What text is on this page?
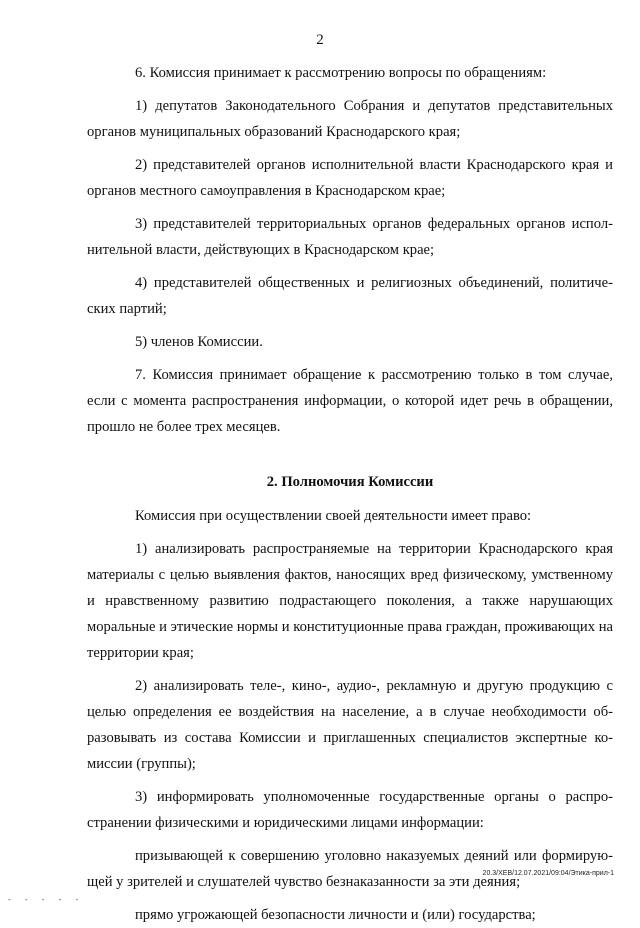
2

6. Комиссия принимает к рассмотрению вопросы по обращениям:

1) депутатов Законодательного Собрания и депутатов представительных органов муниципальных образований Краснодарского края;

2) представителей органов исполнительной власти Краснодарского края и органов местного самоуправления в Краснодарском крае;

3) представителей территориальных органов федеральных органов исполнительной власти, действующих в Краснодарском крае;

4) представителей общественных и религиозных объединений, политических партий;

5) членов Комиссии.

7. Комиссия принимает обращение к рассмотрению только в том случае, если с момента распространения информации, о которой идет речь в обращении, прошло не более трех месяцев.

2. Полномочия Комиссии

Комиссия при осуществлении своей деятельности имеет право:

1) анализировать распространяемые на территории Краснодарского края материалы с целью выявления фактов, наносящих вред физическому, умственному и нравственному развитию подрастающего поколения, а также нарушающих моральные и этические нормы и конституционные права граждан, проживающих на территории края;

2) анализировать теле-, кино-, аудио-, рекламную и другую продукцию с целью определения ее воздействия на население, а в случае необходимости образовывать из состава Комиссии и приглашенных специалистов экспертные комиссии (группы);

3) информировать уполномоченные государственные органы о распространении физическими и юридическими лицами информации:

призывающей к совершению уголовно наказуемых деяний или формирующей у зрителей и слушателей чувство безнаказанности за эти деяния;

прямо угрожающей безопасности личности и (или) государства;

20.3/ХЕВ/12.07.2021/09:04/Этика-прил-1
- - - - -
